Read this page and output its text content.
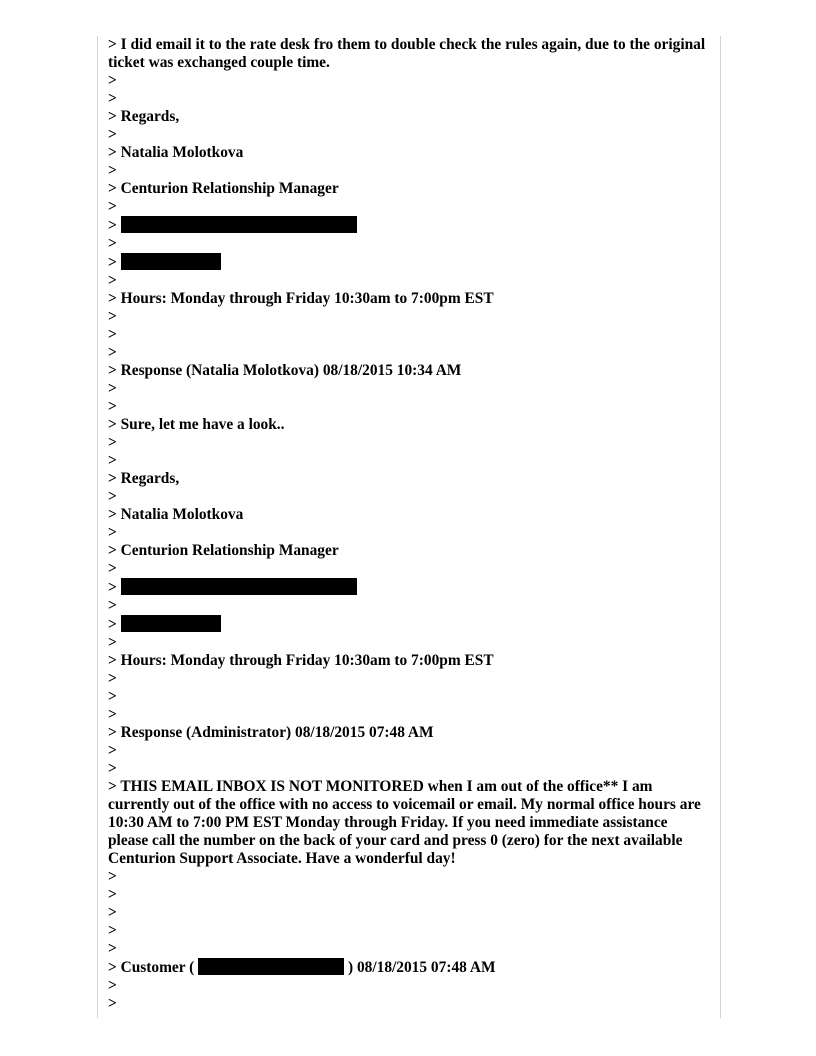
> I did email it to the rate desk fro them to double check the rules again, due to the original ticket was exchanged couple time.
>
>
> Regards,
>
> Natalia Molotkova
>
> Centurion Relationship Manager
>
>
>
>
>
> Hours: Monday through Friday 10:30am to 7:00pm EST
>
>
>
> Response (Natalia Molotkova) 08/18/2015 10:34 AM
>
>
> Sure, let me have a look..
>
>
> Regards,
>
> Natalia Molotkova
>
> Centurion Relationship Manager
>
>
>
>
>
> Hours: Monday through Friday 10:30am to 7:00pm EST
>
>
>
> Response (Administrator) 08/18/2015 07:48 AM
>
>
> THIS EMAIL INBOX IS NOT MONITORED when I am out of the office** I am currently out of the office with no access to voicemail or email. My normal office hours are 10:30 AM to 7:00 PM EST Monday through Friday. If you need immediate assistance please call the number on the back of your card and press 0 (zero) for the next available Centurion Support Associate. Have a wonderful day!
>
>
>
>
>
> Customer (	) 08/18/2015 07:48 AM
>
>
